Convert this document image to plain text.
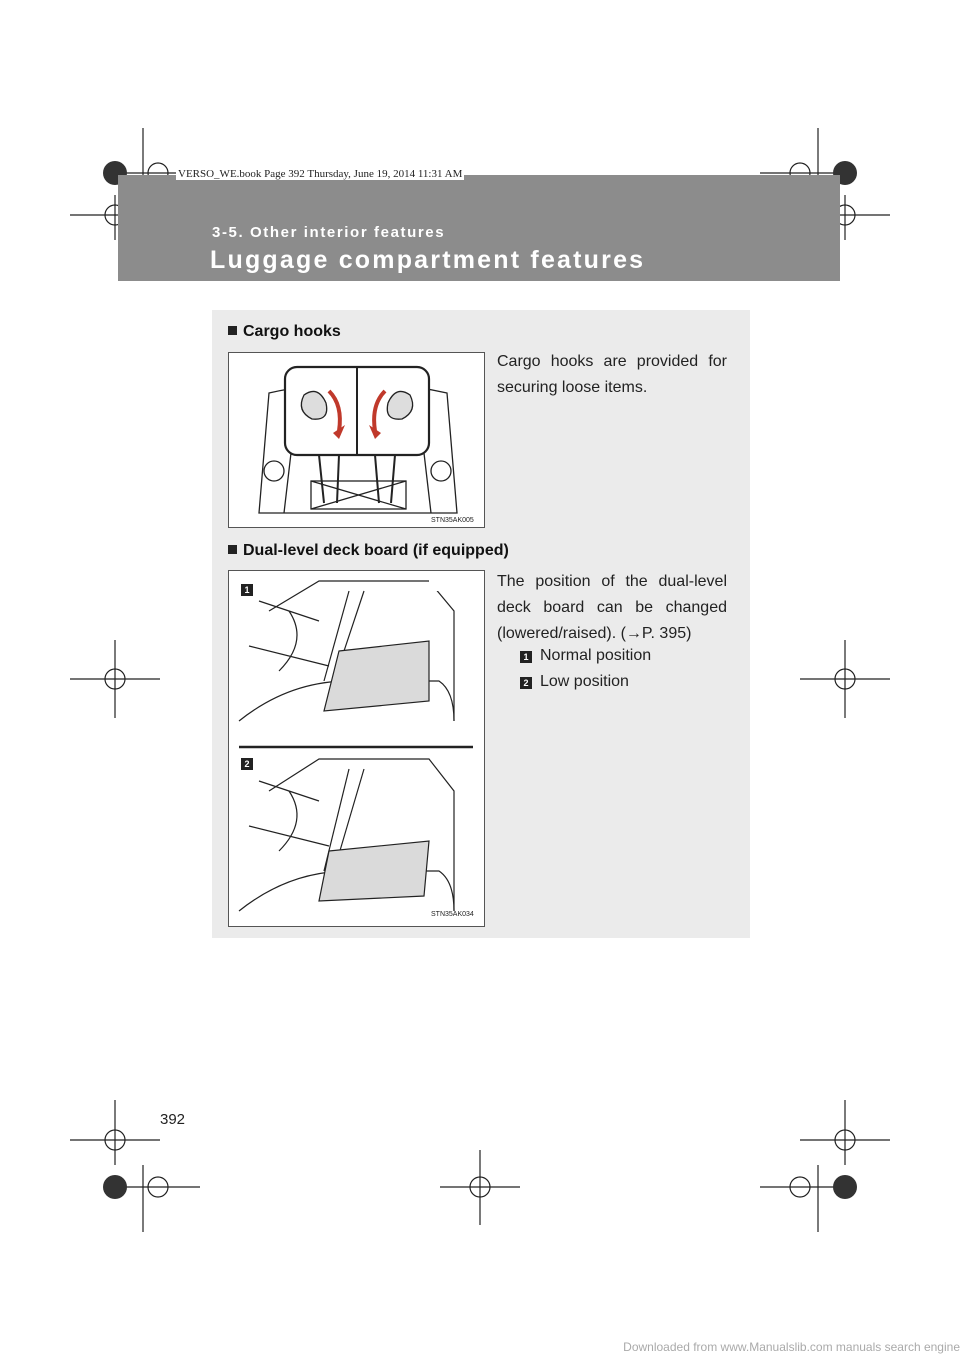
3-5. Other interior features
Luggage compartment features
VERSO_WE.book Page 392 Thursday, June 19, 2014 11:31 AM
Cargo hooks
STN35AK005
Cargo hooks are provided for securing loose items.
Dual-level deck board (if equipped)
1
2
STN35AK034
The position of the dual-level deck board can be changed (lowered/raised). (→P. 395)
1 Normal position
2 Low position
392
Downloaded from www.Manualslib.com manuals search engine
